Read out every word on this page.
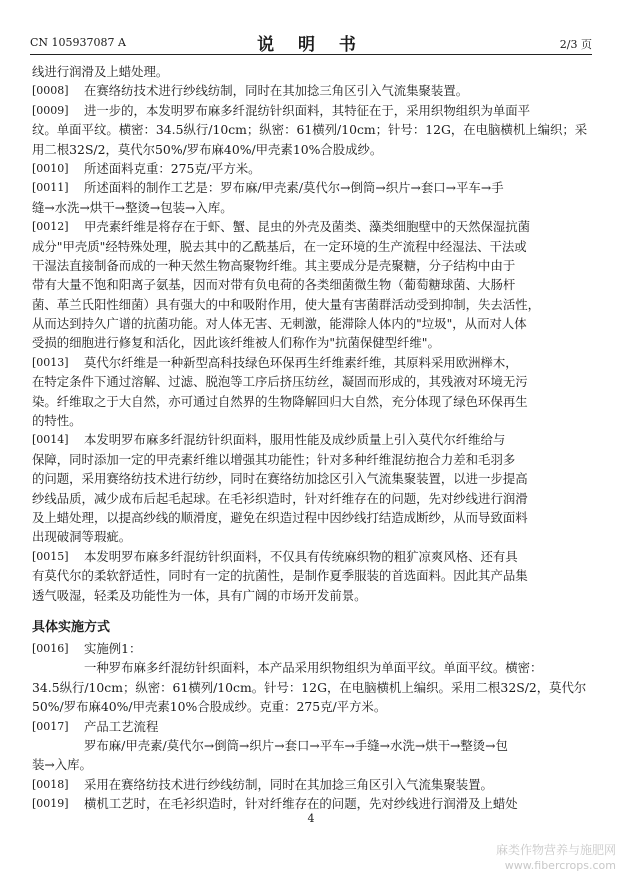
CN 105937087 A	说 明 书	2/3 页
线进行润滑及上蜡处理。
[0008]	在赛络纺技术进行纱线纺制，同时在其加捻三角区引入气流集聚装置。
[0009]	进一步的，本发明罗布麻多纤混纺针织面料，其特征在于，采用织物组织为单面平
纹。单面平纹。横密：34.5纵行/10cm；纵密：61横列/10cm；针号：12G，在电脑横机上编织；采
用二根32S/2，莫代尔50%/罗布麻40%/甲壳素10%合股成纱。
[0010]	所述面料克重：275克/平方米。
[0011]	所述面料的制作工艺是：罗布麻/甲壳素/莫代尔→倒筒→织片→套口→平车→手
缝→水洗→烘干→整烫→包装→入库。
[0012]	甲壳素纤维是将存在于虾、蟹、昆虫的外壳及菌类、藻类细胞壁中的天然保湿抗菌
成分"甲壳质"经特殊处理，脱去其中的乙酰基后，在一定环境的生产流程中经湿法、干法或
干湿法直接制备而成的一种天然生物高聚物纤维。其主要成分是壳聚糖，分子结构中由于
带有大量不饱和阳离子氨基，因而对带有负电荷的各类细菌微生物（葡萄糖球菌、大肠杆
菌、革兰氏阳性细菌）具有强大的中和吸附作用，使大量有害菌群活动受到抑制，失去活性，
从而达到持久广谱的抗菌功能。对人体无害、无刺激，能滞除人体内的"垃圾"，从而对人体
受损的细胞进行修复和活化，因此该纤维被人们称作为"抗菌保健型纤维"。
[0013]	莫代尔纤维是一种新型高科技绿色环保再生纤维素纤维，其原料采用欧洲榉木，
在特定条件下通过溶解、过滤、脱泡等工序后挤压纺丝，凝固而形成的，其残液对环境无污
染。纤维取之于大自然，亦可通过自然界的生物降解回归大自然，充分体现了绿色环保再生
的特性。
[0014]	本发明罗布麻多纤混纺针织面料，服用性能及成纱质量上引入莫代尔纤维给与
保障，同时添加一定的甲壳素纤维以增强其功能性；针对多种纤维混纺抱合力差和毛羽多
的问题，采用赛络纺技术进行纺纱，同时在赛络纺加捻区引入气流集聚装置，以进一步提高
纱线品质，减少成布后起毛起球。在毛衫织造时，针对纤维存在的问题，先对纱线进行润滑
及上蜡处理，以提高纱线的顺滑度，避免在织造过程中因纱线打结造成断纱，从而导致面料
出现破洞等瑕疵。
[0015]	本发明罗布麻多纤混纺针织面料，不仅具有传统麻织物的粗犷凉爽风格、还有具
有莫代尔的柔软舒适性，同时有一定的抗菌性，是制作夏季服装的首选面料。因此其产品集
透气吸湿，轻柔及功能性为一体，具有广阔的市场开发前景。
具体实施方式
[0016]	实施例1：
一种罗布麻多纤混纺针织面料，本产品采用织物组织为单面平纹。单面平纹。横密：
34.5纵行/10cm；纵密：61横列/10cm。针号：12G，在电脑横机上编织。采用二根32S/2，莫代尔
50%/罗布麻40%/甲壳素10%合股成纱。克重：275克/平方米。
[0017]	产品工艺流程
罗布麻/甲壳素/莫代尔→倒筒→织片→套口→平车→手缝→水洗→烘干→整烫→包
装→入库。
[0018]	采用在赛络纺技术进行纱线纺制，同时在其加捻三角区引入气流集聚装置。
[0019]	横机工艺时，在毛衫织造时，针对纤维存在的问题，先对纱线进行润滑及上蜡处
4
麻类作物营养与施肥网
www.fibercrops.com
